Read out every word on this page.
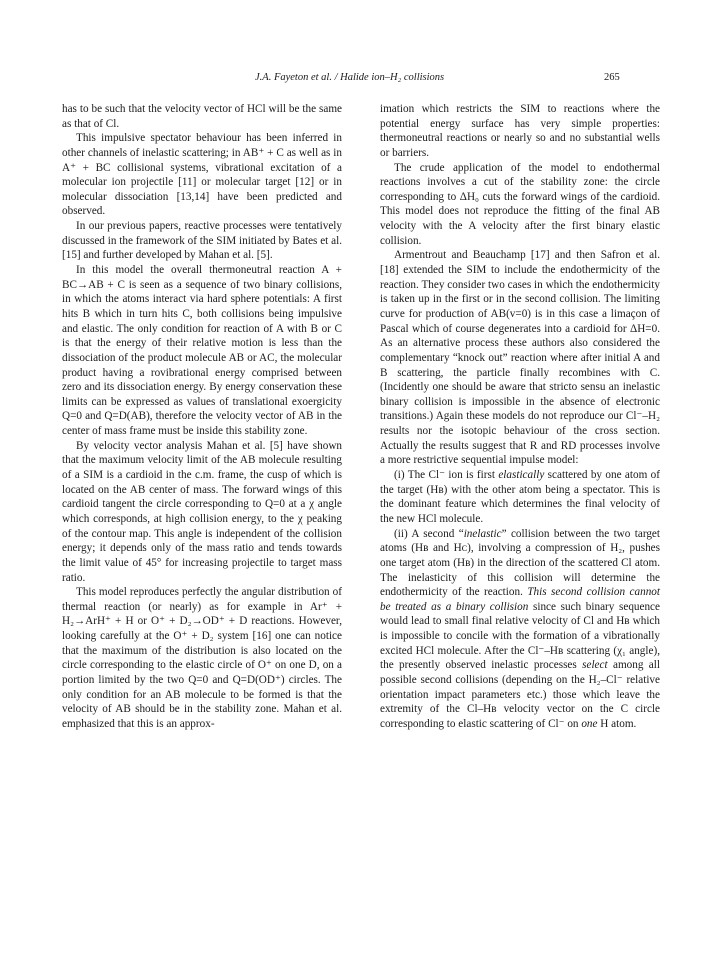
J.A. Fayeton et al. / Halide ion–H₂ collisions	265

has to be such that the velocity vector of HCl will be the same as that of Cl.

This impulsive spectator behaviour has been inferred in other channels of inelastic scattering; in AB⁺ + C as well as in A⁺ + BC collisional systems, vibrational excitation of a molecular ion projectile [11] or molecular target [12] or in molecular dissociation [13,14] have been predicted and observed.

In our previous papers, reactive processes were tentatively discussed in the framework of the SIM initiated by Bates et al. [15] and further developed by Mahan et al. [5].

In this model the overall thermoneutral reaction A + BC→AB + C is seen as a sequence of two binary collisions, in which the atoms interact via hard sphere potentials: A first hits B which in turn hits C, both collisions being impulsive and elastic. The only condition for reaction of A with B or C is that the energy of their relative motion is less than the dissociation of the product molecule AB or AC, the molecular product having a rovibrational energy comprised between zero and its dissociation energy. By energy conservation these limits can be expressed as values of translational exoergicity Q=0 and Q=D(AB), therefore the velocity vector of AB in the center of mass frame must be inside this stability zone.

By velocity vector analysis Mahan et al. [5] have shown that the maximum velocity limit of the AB molecule resulting of a SIM is a cardioid in the c.m. frame, the cusp of which is located on the AB center of mass. The forward wings of this cardioid tangent the circle corresponding to Q=0 at a χ angle which corresponds, at high collision energy, to the χ peaking of the contour map. This angle is independent of the collision energy; it depends only of the mass ratio and tends towards the limit value of 45° for increasing projectile to target mass ratio.

This model reproduces perfectly the angular distribution of thermal reaction (or nearly) as for example in Ar⁺ + H₂→ArH⁺ + H or O⁺ + D₂→OD⁺ + D reactions. However, looking carefully at the O⁺ + D₂ system [16] one can notice that the maximum of the distribution is also located on the circle corresponding to the elastic circle of O⁺ on one D, on a portion limited by the two Q=0 and Q=D(OD⁺) circles. The only condition for an AB molecule to be formed is that the velocity of AB should be in the stability zone. Mahan et al. emphasized that this is an approx-

imation which restricts the SIM to reactions where the potential energy surface has very simple properties: thermoneutral reactions or nearly so and no substantial wells or barriers.

The crude application of the model to endothermal reactions involves a cut of the stability zone: the circle corresponding to ΔH₀ cuts the forward wings of the cardioid. This model does not reproduce the fitting of the final AB velocity with the A velocity after the first binary elastic collision.

Armentrout and Beauchamp [17] and then Safron et al. [18] extended the SIM to include the endothermicity of the reaction. They consider two cases in which the endothermicity is taken up in the first or in the second collision. The limiting curve for production of AB(v=0) is in this case a limaçon of Pascal which of course degenerates into a cardioid for ΔH=0. As an alternative process these authors also considered the complementary “knock out” reaction where after initial A and B scattering, the particle finally recombines with C. (Incidently one should be aware that stricto sensu an inelastic binary collision is impossible in the absence of electronic transitions.) Again these models do not reproduce our Cl⁻–H₂ results nor the isotopic behaviour of the cross section. Actually the results suggest that R and RD processes involve a more restrictive sequential impulse model:

(i) The Cl⁻ ion is first elastically scattered by one atom of the target (Hʙ) with the other atom being a spectator. This is the dominant feature which determines the final velocity of the new HCl molecule.

(ii) A second “inelastic” collision between the two target atoms (Hʙ and Hᴄ), involving a compression of H₂, pushes one target atom (Hʙ) in the direction of the scattered Cl atom. The inelasticity of this collision will determine the endothermicity of the reaction. This second collision cannot be treated as a binary collision since such binary sequence would lead to small final relative velocity of Cl and Hʙ which is impossible to concile with the formation of a vibrationally excited HCl molecule. After the Cl⁻–Hʙ scattering (χ₁ angle), the presently observed inelastic processes select among all possible second collisions (depending on the H₂–Cl⁻ relative orientation impact parameters etc.) those which leave the extremity of the Cl–Hʙ velocity vector on the C circle corresponding to elastic scattering of Cl⁻ on one H atom.
